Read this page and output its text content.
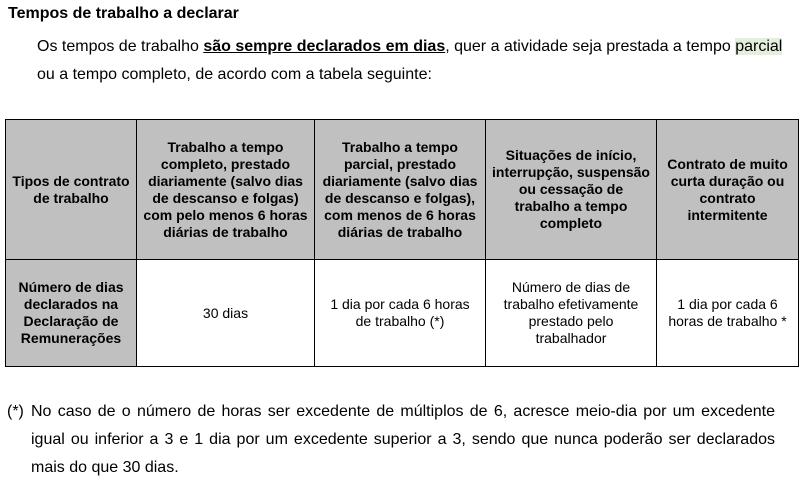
Tempos de trabalho a declarar

Os tempos de trabalho são sempre declarados em dias, quer a atividade seja prestada a tempo parcial ou a tempo completo, de acordo com a tabela seguinte:

Tipos de contrato de trabalho	Trabalho a tempo completo, prestado diariamente (salvo dias de descanso e folgas) com pelo menos 6 horas diárias de trabalho	Trabalho a tempo parcial, prestado diariamente (salvo dias de descanso e folgas), com menos de 6 horas diárias de trabalho	Situações de início, interrupção, suspensão ou cessação de trabalho a tempo completo	Contrato de muito curta duração ou contrato intermitente
Número de dias declarados na Declaração de Remunerações	30 dias	1 dia por cada 6 horas de trabalho (*)	Número de dias de trabalho efetivamente prestado pelo trabalhador	1 dia por cada 6 horas de trabalho *
(*) No caso de o número de horas ser excedente de múltiplos de 6, acresce meio-dia por um excedente igual ou inferior a 3 e 1 dia por um excedente superior a 3, sendo que nunca poderão ser declarados mais do que 30 dias.
